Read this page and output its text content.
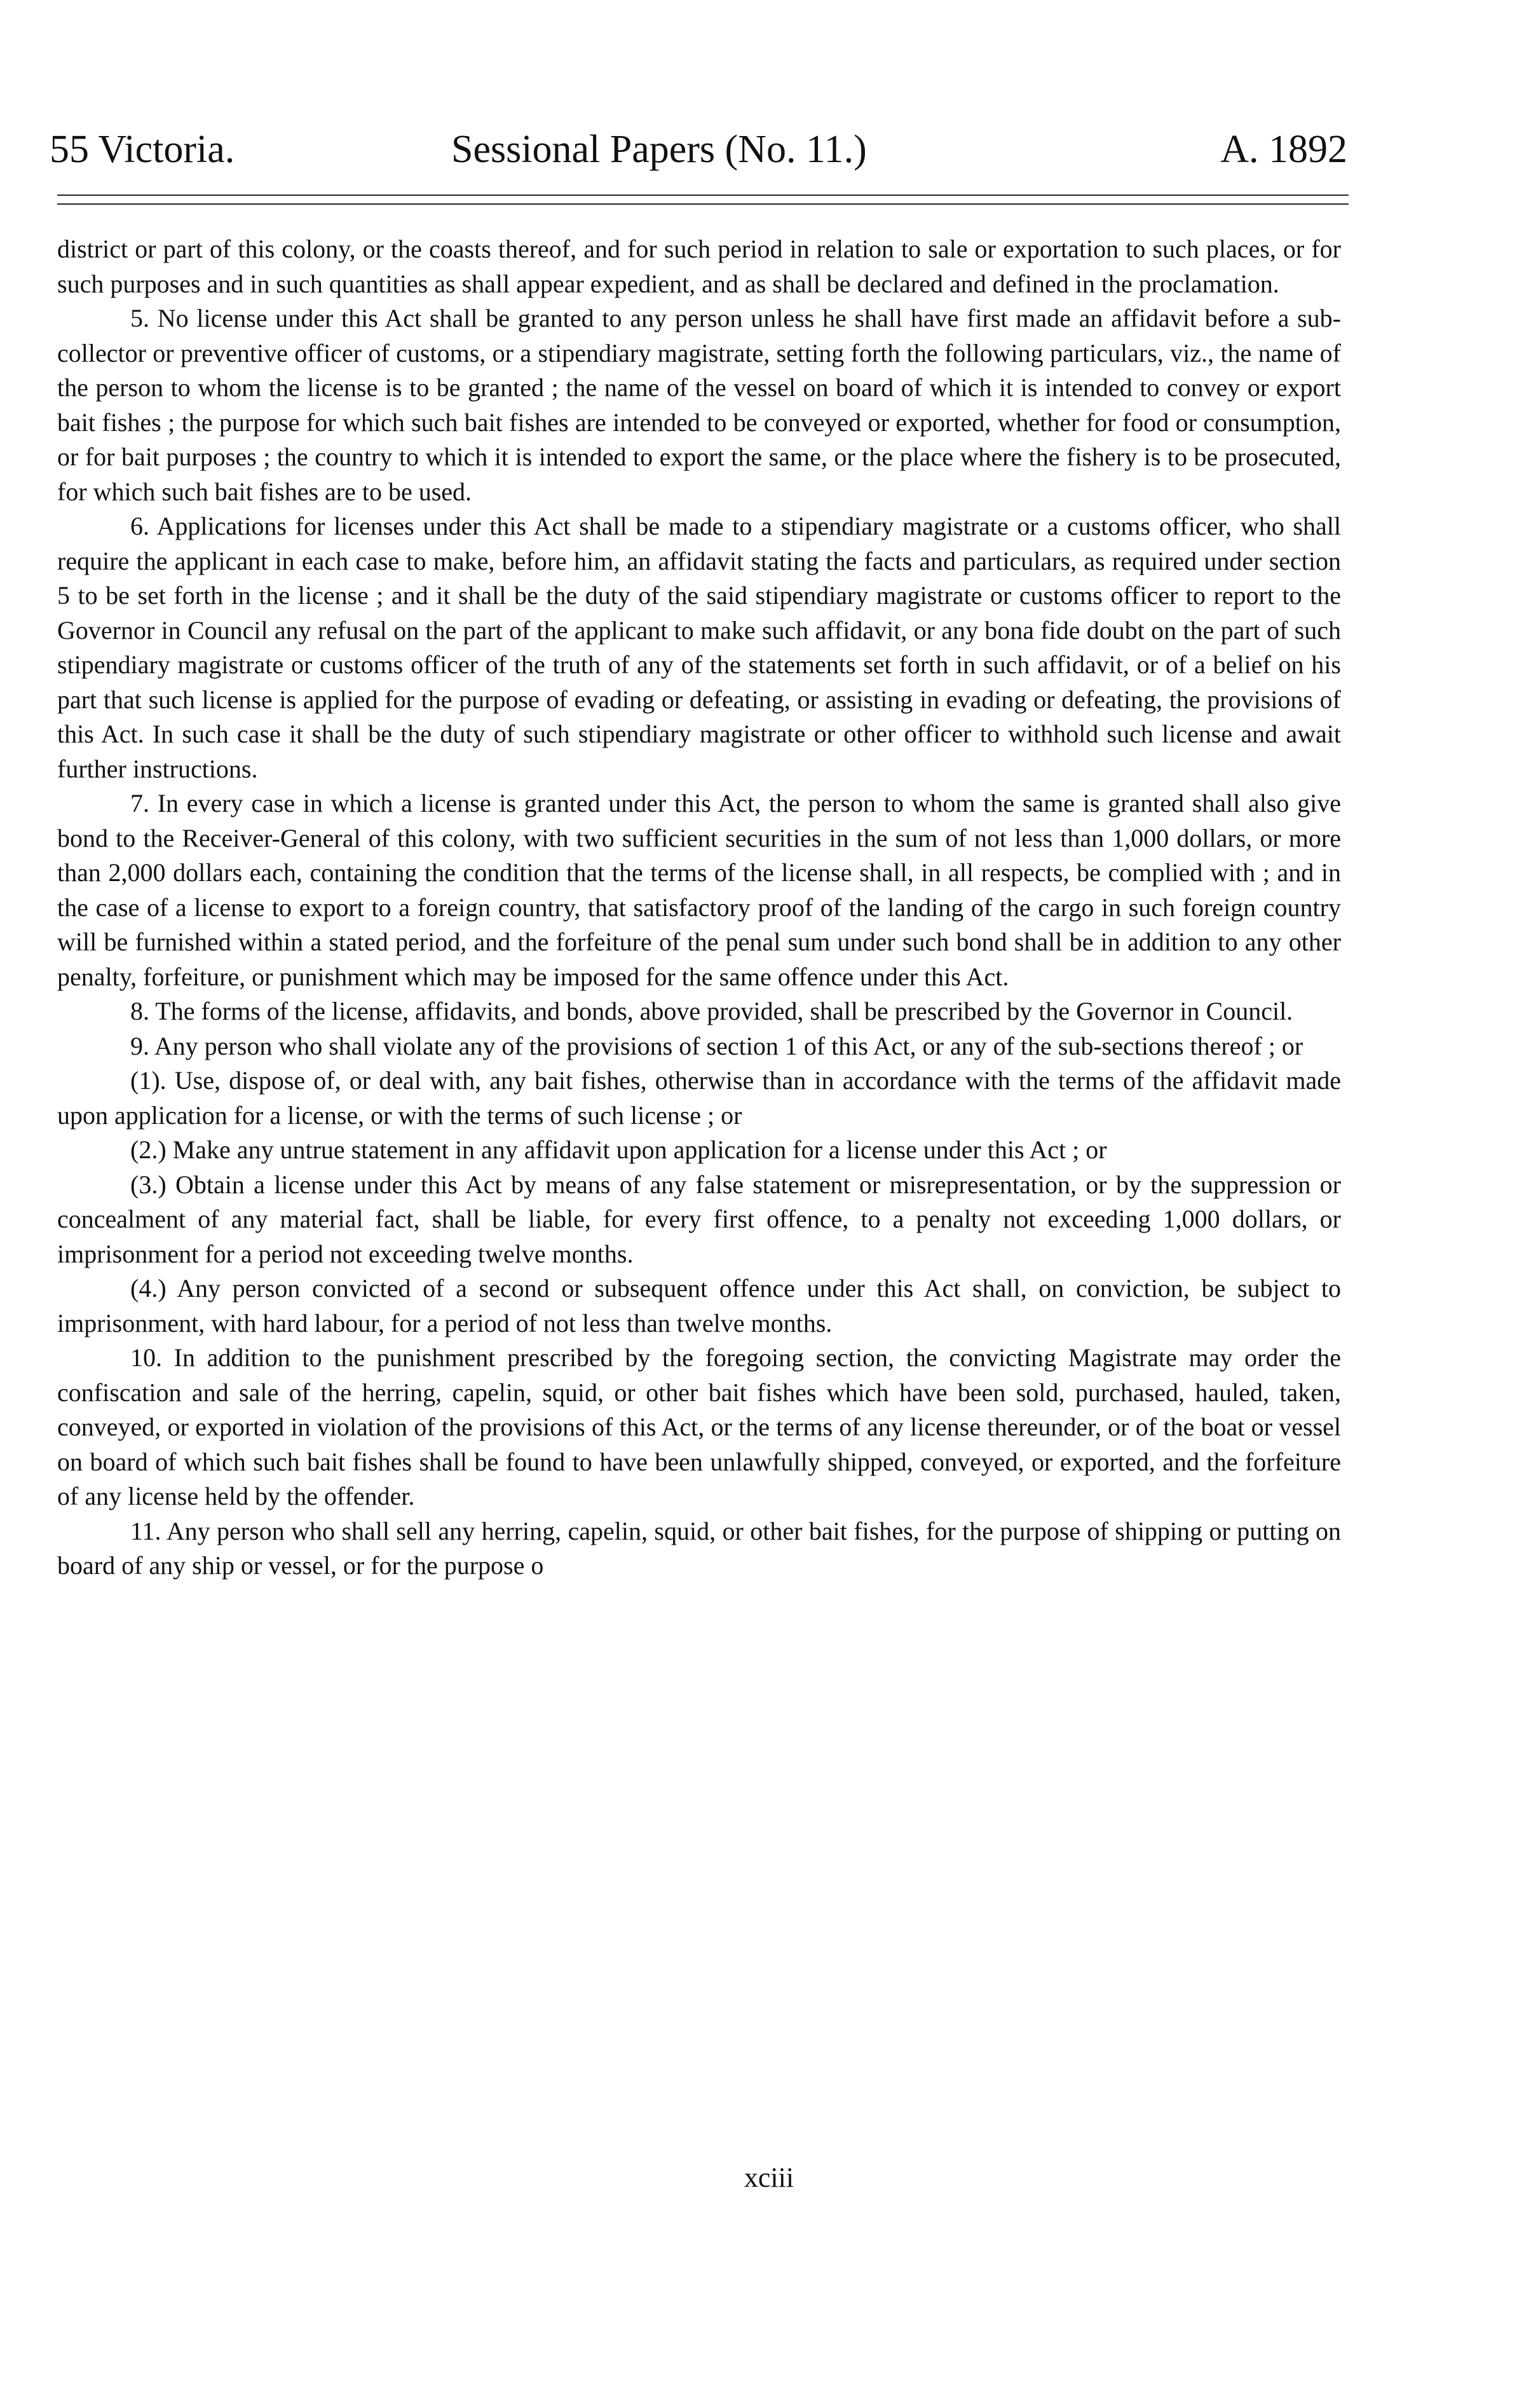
55 Victoria.	Sessional Papers (No. 11.)	A. 1892

district or part of this colony, or the coasts thereof, and for such period in relation to sale or exportation to such places, or for such purposes and in such quantities as shall appear expedient, and as shall be declared and defined in the proclamation.

5. No license under this Act shall be granted to any person unless he shall have first made an affidavit before a sub-collector or preventive officer of customs, or a stipendiary magistrate, setting forth the following particulars, viz., the name of the person to whom the license is to be granted ; the name of the vessel on board of which it is intended to convey or export bait fishes ; the purpose for which such bait fishes are intended to be conveyed or exported, whether for food or consumption, or for bait purposes ; the country to which it is intended to export the same, or the place where the fishery is to be prosecuted, for which such bait fishes are to be used.

6. Applications for licenses under this Act shall be made to a stipendiary magistrate or a customs officer, who shall require the applicant in each case to make, before him, an affidavit stating the facts and particulars, as required under section 5 to be set forth in the license ; and it shall be the duty of the said stipendiary magistrate or customs officer to report to the Governor in Council any refusal on the part of the applicant to make such affidavit, or any bona fide doubt on the part of such stipendiary magistrate or customs officer of the truth of any of the statements set forth in such affidavit, or of a belief on his part that such license is applied for the purpose of evading or defeating, or assisting in evading or defeating, the provisions of this Act. In such case it shall be the duty of such stipendiary magistrate or other officer to withhold such license and await further instructions.

7. In every case in which a license is granted under this Act, the person to whom the same is granted shall also give bond to the Receiver-General of this colony, with two sufficient securities in the sum of not less than 1,000 dollars, or more than 2,000 dollars each, containing the condition that the terms of the license shall, in all respects, be complied with ; and in the case of a license to export to a foreign country, that satisfactory proof of the landing of the cargo in such foreign country will be furnished within a stated period, and the forfeiture of the penal sum under such bond shall be in addition to any other penalty, forfeiture, or punishment which may be imposed for the same offence under this Act.

8. The forms of the license, affidavits, and bonds, above provided, shall be prescribed by the Governor in Council.

9. Any person who shall violate any of the provisions of section 1 of this Act, or any of the sub-sections thereof ; or

(1). Use, dispose of, or deal with, any bait fishes, otherwise than in accordance with the terms of the affidavit made upon application for a license, or with the terms of such license ; or

(2.) Make any untrue statement in any affidavit upon application for a license under this Act ; or

(3.) Obtain a license under this Act by means of any false statement or misrepresentation, or by the suppression or concealment of any material fact, shall be liable, for every first offence, to a penalty not exceeding 1,000 dollars, or imprisonment for a period not exceeding twelve months.

(4.) Any person convicted of a second or subsequent offence under this Act shall, on conviction, be subject to imprisonment, with hard labour, for a period of not less than twelve months.

10. In addition to the punishment prescribed by the foregoing section, the convicting Magistrate may order the confiscation and sale of the herring, capelin, squid, or other bait fishes which have been sold, purchased, hauled, taken, conveyed, or exported in violation of the provisions of this Act, or the terms of any license thereunder, or of the boat or vessel on board of which such bait fishes shall be found to have been unlawfully shipped, conveyed, or exported, and the forfeiture of any license held by the offender.

11. Any person who shall sell any herring, capelin, squid, or other bait fishes, for the purpose of shipping or putting on board of any ship or vessel, or for the purpose o

xciii
